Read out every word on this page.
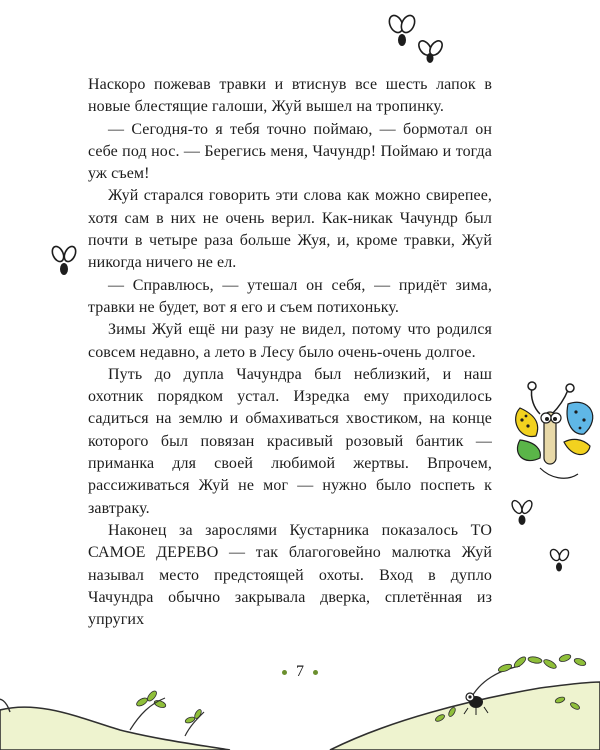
Наскоро пожевав травки и втиснув все шесть лапок в новые блестящие галоши, Жуй вышел на тропинку.

— Сегодня-то я тебя точно поймаю, — бормотал он себе под нос. — Берегись меня, Чачундр! Поймаю и тогда уж съем!

Жуй старался говорить эти слова как можно свирепее, хотя сам в них не очень верил. Как-никак Чачундр был почти в четыре раза больше Жуя, и, кроме травки, Жуй никогда ничего не ел.

— Справлюсь, — утешал он себя, — придёт зима, травки не будет, вот я его и съем потихоньку.

Зимы Жуй ещё ни разу не видел, потому что родился совсем недавно, а лето в Лесу было очень-очень долгое.

Путь до дупла Чачундра был неблизкий, и наш охотник порядком устал. Изредка ему приходилось садиться на землю и обмахиваться хвостиком, на конце которого был повязан красивый розовый бантик — приманка для своей любимой жертвы. Впрочем, рассиживаться Жуй не мог — нужно было поспеть к завтраку.

Наконец за зарослями Кустарника показалось ТО САМОЕ ДЕРЕВО — так благоговейно малютка Жуй называл место предстоящей охоты. Вход в дупло Чачундра обычно закрывала дверка, сплетённая из упругих

7
